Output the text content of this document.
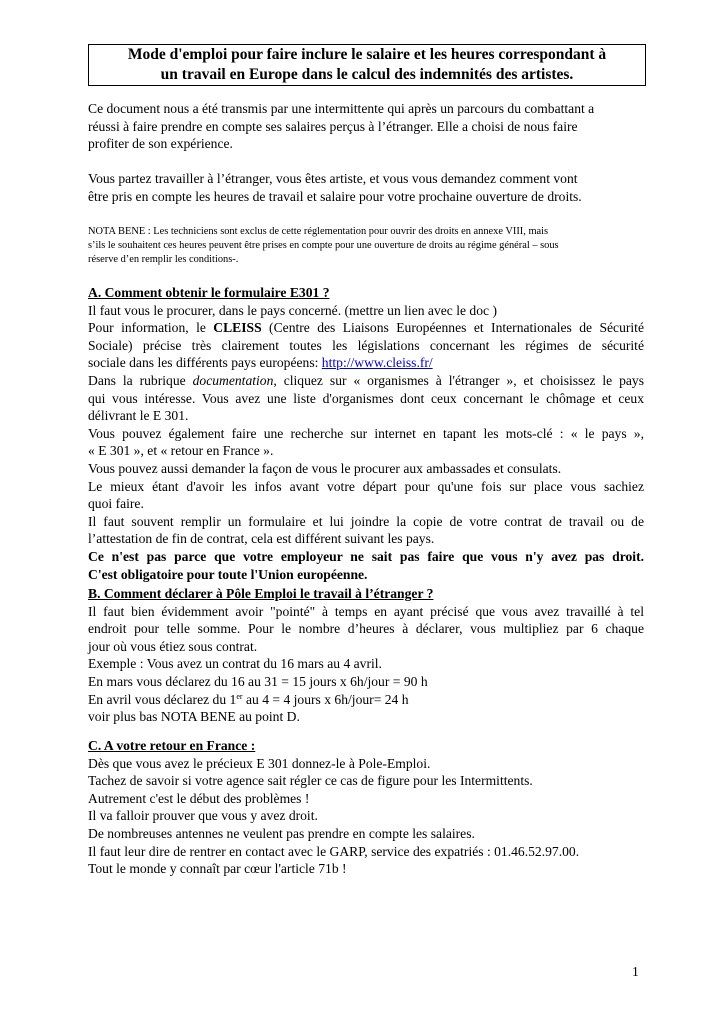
Mode d'emploi pour faire inclure le salaire et les heures correspondant à
un travail en Europe dans le calcul des indemnités des artistes.
Ce document nous a été transmis par une intermittente qui après un parcours du combattant a
réussi à faire prendre en compte ses salaires perçus à l’étranger. Elle a choisi de nous faire
profiter de son expérience.
Vous partez travailler à l’étranger, vous êtes artiste, et vous vous demandez comment vont
être pris en compte les heures de travail et salaire pour votre prochaine ouverture de droits.
NOTA BENE : Les techniciens sont exclus de cette réglementation pour ouvrir des droits en annexe VIII, mais
s’ils le souhaitent ces heures peuvent être prises en compte pour une ouverture de droits au régime général – sous
réserve d’en remplir les conditions-.
A. Comment obtenir le formulaire E301 ?
Il faut vous le procurer, dans le pays concerné. (mettre un lien avec le doc )
Pour information, le CLEISS (Centre des Liaisons Européennes et Internationales de Sécurité
Sociale) précise très clairement toutes les législations concernant les régimes de sécurité
sociale dans les différents pays européens: http://www.cleiss.fr/
Dans la rubrique documentation, cliquez sur « organismes à l'étranger », et choisissez le pays
qui vous intéresse. Vous avez une liste d'organismes dont ceux concernant le chômage et ceux
délivrant le E 301.
Vous pouvez également faire une recherche sur internet en tapant les mots-clé : « le pays »,
« E 301 », et « retour en France ».
Vous pouvez aussi demander la façon de vous le procurer aux ambassades et consulats.
Le mieux étant d'avoir les infos avant votre départ pour qu'une fois sur place vous sachiez
quoi faire.
Il faut souvent remplir un formulaire et lui joindre la copie de votre contrat de travail ou de
l’attestation de fin de contrat, cela est différent suivant les pays.
Ce n'est pas parce que votre employeur ne sait pas faire que vous n'y avez pas droit.
C'est obligatoire pour toute l'Union européenne.
B. Comment déclarer à Pôle Emploi le travail à l’étranger ?
Il faut bien évidemment avoir "pointé" à temps en ayant précisé que vous avez travaillé à tel
endroit pour telle somme. Pour le nombre d’heures à déclarer, vous multipliez par 6 chaque
jour où vous étiez sous contrat.
Exemple : Vous avez un contrat du 16 mars au 4 avril.
En mars vous déclarez du 16 au 31 = 15 jours x 6h/jour = 90 h
En avril vous déclarez du 1er au 4 = 4 jours x 6h/jour= 24 h
voir plus bas NOTA BENE au point D.
C. A votre retour en France :
Dès que vous avez le précieux E 301 donnez-le à Pole-Emploi.
Tachez de savoir si votre agence sait régler ce cas de figure pour les Intermittents.
Autrement c'est le début des problèmes !
Il va falloir prouver que vous y avez droit.
De nombreuses antennes ne veulent pas prendre en compte les salaires.
Il faut leur dire de rentrer en contact avec le GARP, service des expatriés : 01.46.52.97.00.
Tout le monde y connaît par cœur l'article 71b !
1
